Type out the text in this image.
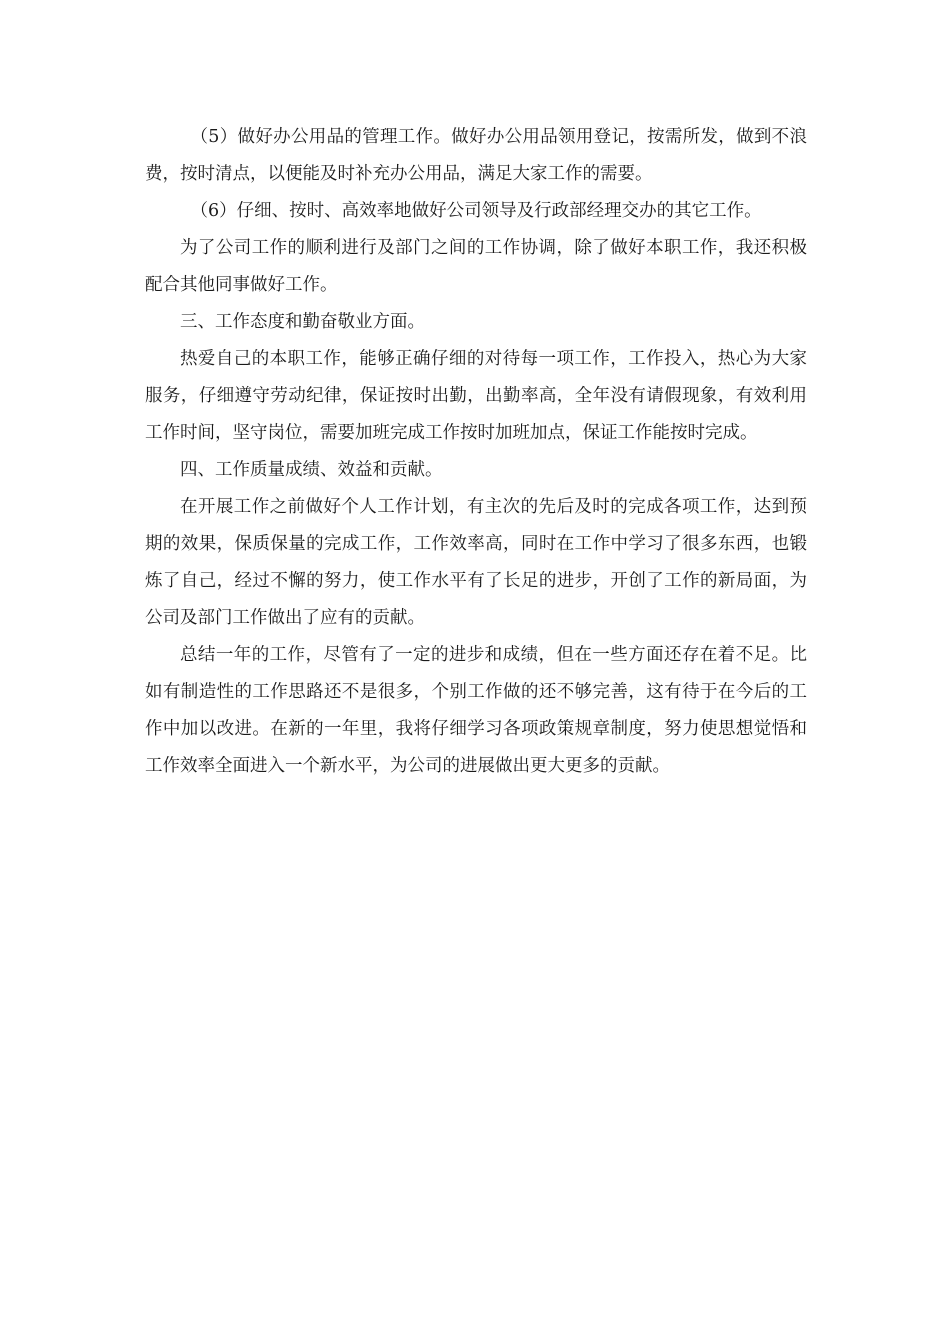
（5）做好办公用品的管理工作。做好办公用品领用登记，按需所发，做到不浪费，按时清点，以便能及时补充办公用品，满足大家工作的需要。

（6）仔细、按时、高效率地做好公司领导及行政部经理交办的其它工作。

为了公司工作的顺利进行及部门之间的工作协调，除了做好本职工作，我还积极配合其他同事做好工作。

三、工作态度和勤奋敬业方面。

热爱自己的本职工作，能够正确仔细的对待每一项工作，工作投入，热心为大家服务，仔细遵守劳动纪律，保证按时出勤，出勤率高，全年没有请假现象，有效利用工作时间，坚守岗位，需要加班完成工作按时加班加点，保证工作能按时完成。

四、工作质量成绩、效益和贡献。

在开展工作之前做好个人工作计划，有主次的先后及时的完成各项工作，达到预期的效果，保质保量的完成工作，工作效率高，同时在工作中学习了很多东西，也锻炼了自己，经过不懈的努力，使工作水平有了长足的进步，开创了工作的新局面，为公司及部门工作做出了应有的贡献。

总结一年的工作，尽管有了一定的进步和成绩，但在一些方面还存在着不足。比如有制造性的工作思路还不是很多，个别工作做的还不够完善，这有待于在今后的工作中加以改进。在新的一年里，我将仔细学习各项政策规章制度，努力使思想觉悟和工作效率全面进入一个新水平，为公司的进展做出更大更多的贡献。
